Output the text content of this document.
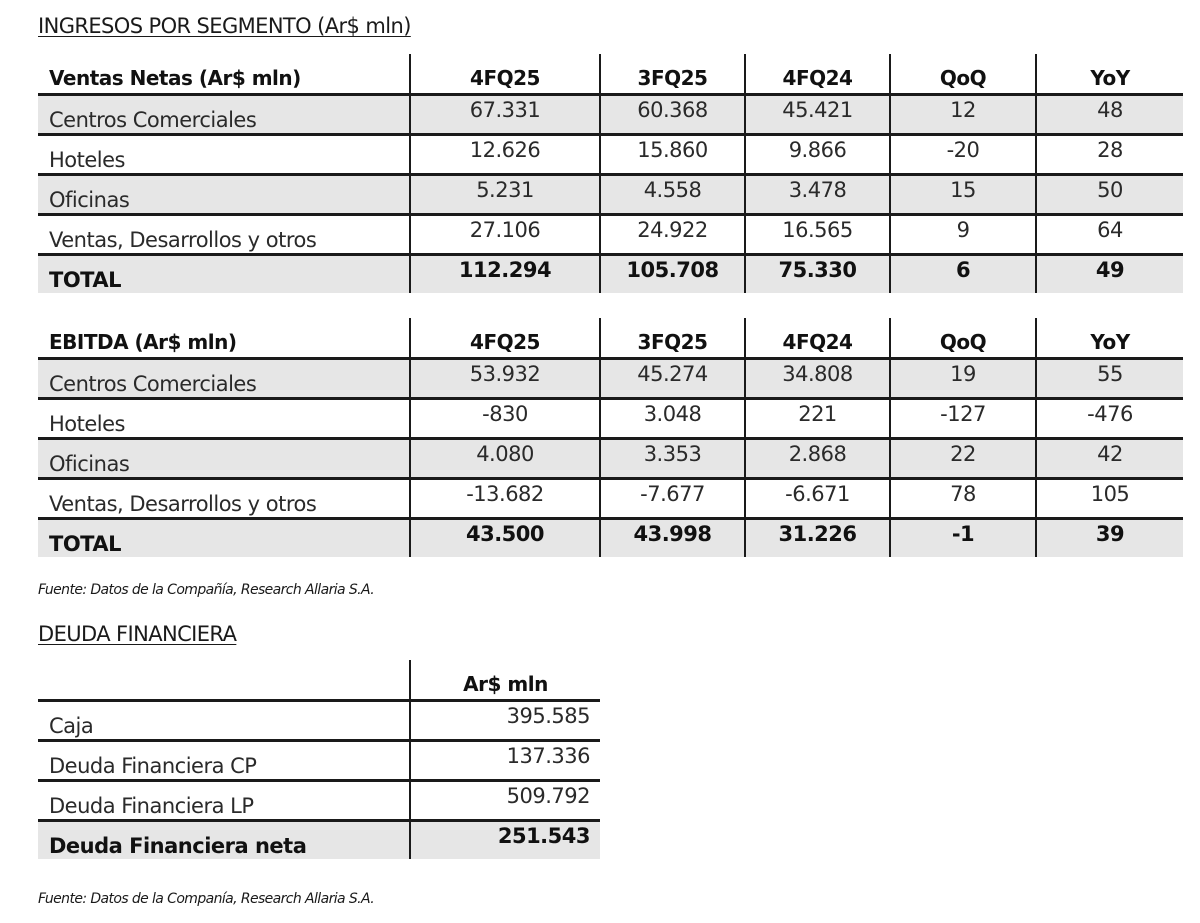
INGRESOS POR SEGMENTO (Ar$ mln)
Ventas Netas (Ar$ mln)	4FQ25	3FQ25	4FQ24	QoQ	YoY
Centros Comerciales	67.331	60.368	45.421	12	48
Hoteles	12.626	15.860	9.866	-20	28
Oficinas	5.231	4.558	3.478	15	50
Ventas, Desarrollos y otros	27.106	24.922	16.565	9	64
TOTAL	112.294	105.708	75.330	6	49
EBITDA (Ar$ mln)	4FQ25	3FQ25	4FQ24	QoQ	YoY
Centros Comerciales	53.932	45.274	34.808	19	55
Hoteles	-830	3.048	221	-127	-476
Oficinas	4.080	3.353	2.868	22	42
Ventas, Desarrollos y otros	-13.682	-7.677	-6.671	78	105
TOTAL	43.500	43.998	31.226	-1	39
Fuente: Datos de la Compañía, Research Allaria S.A.
DEUDA FINANCIERA
	Ar$ mln
Caja	395.585
Deuda Financiera CP	137.336
Deuda Financiera LP	509.792
Deuda Financiera neta	251.543
Fuente: Datos de la Companía, Research Allaria S.A.
